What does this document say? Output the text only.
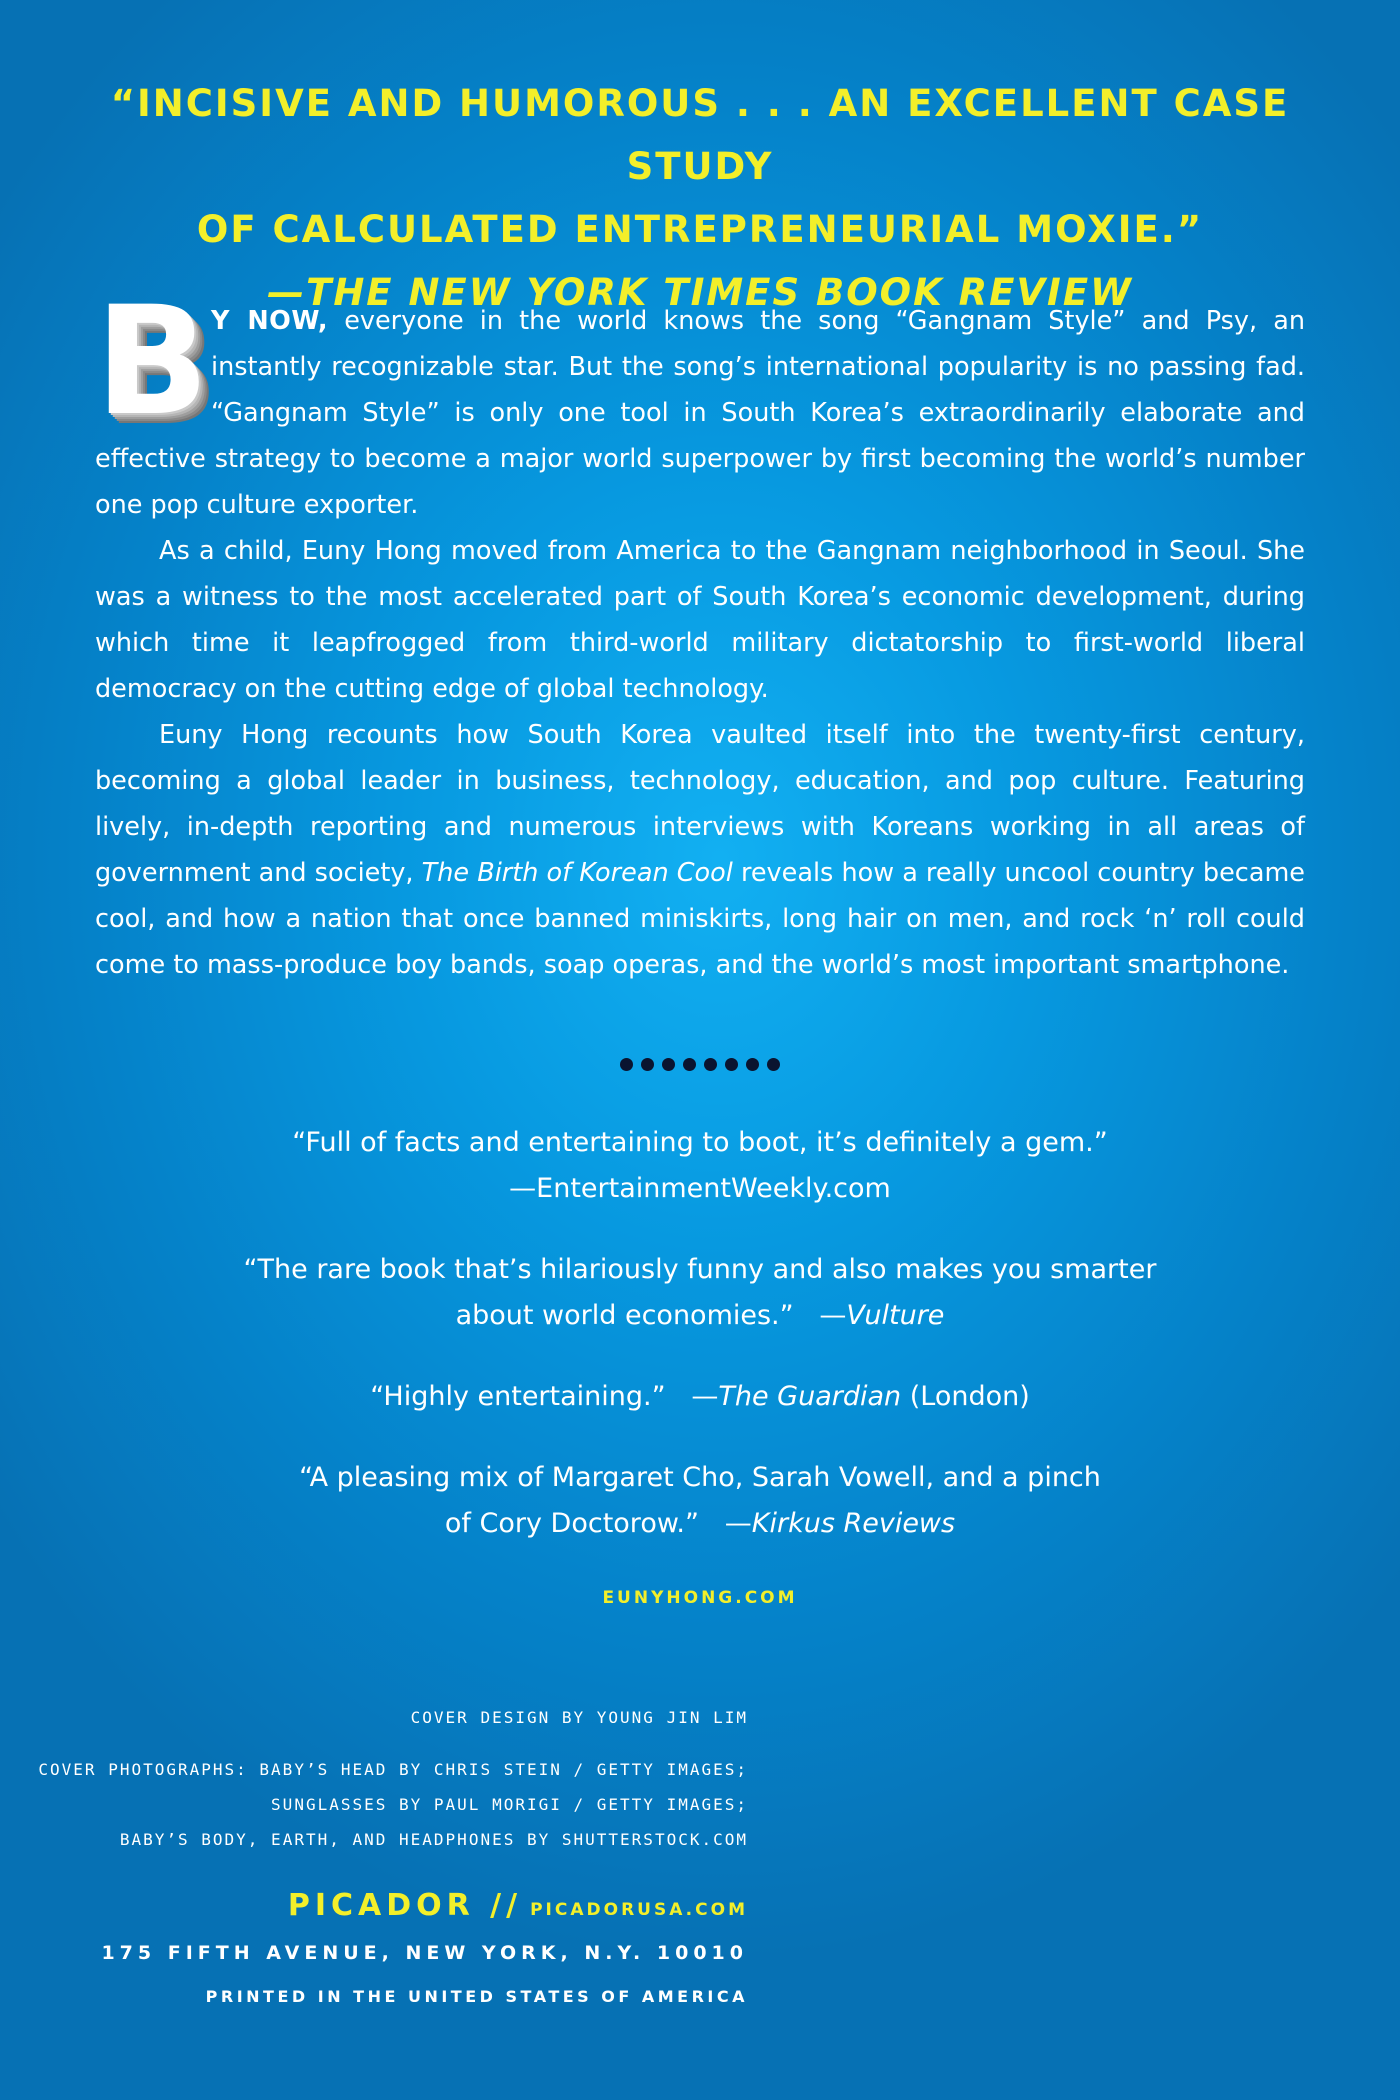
“INCISIVE AND HUMOROUS . . . AN EXCELLENT CASE STUDY
OF CALCULATED ENTREPRENEURIAL MOXIE.”
—THE NEW YORK TIMES BOOK REVIEW

B Y NOW, everyone in the world knows the song “Gangnam Style” and Psy, an instantly recognizable star. But the song’s international popularity is no passing fad. “Gangnam Style” is only one tool in South Korea’s extraordinarily elaborate and effective strategy to become a major world superpower by first becoming the world’s number one pop culture exporter.

As a child, Euny Hong moved from America to the Gangnam neighborhood in Seoul. She was a witness to the most accelerated part of South Korea’s economic development, during which time it leapfrogged from third-world military dictatorship to first-world liberal democracy on the cutting edge of global technology.

Euny Hong recounts how South Korea vaulted itself into the twenty-first century, becoming a global leader in business, technology, education, and pop culture. Featuring lively, in-depth reporting and numerous interviews with Koreans working in all areas of government and society, The Birth of Korean Cool reveals how a really uncool country became cool, and how a nation that once banned miniskirts, long hair on men, and rock ‘n’ roll could come to mass-produce boy bands, soap operas, and the world’s most important smartphone.

“Full of facts and entertaining to boot, it’s definitely a gem.”
—EntertainmentWeekly.com
“The rare book that’s hilariously funny and also makes you smarter
about world economies.” —Vulture
“Highly entertaining.” —The Guardian (London)
“A pleasing mix of Margaret Cho, Sarah Vowell, and a pinch
of Cory Doctorow.” —Kirkus Reviews
EUNYHONG.COM
COVER DESIGN BY YOUNG JIN LIM
COVER PHOTOGRAPHS: BABY’S HEAD BY CHRIS STEIN / GETTY IMAGES;
SUNGLASSES BY PAUL MORIGI / GETTY IMAGES;
BABY’S BODY, EARTH, AND HEADPHONES BY SHUTTERSTOCK.COM
PICADOR // PICADORUSA.COM
175 FIFTH AVENUE, NEW YORK, N.Y. 10010
PRINTED IN THE UNITED STATES OF AMERICA
